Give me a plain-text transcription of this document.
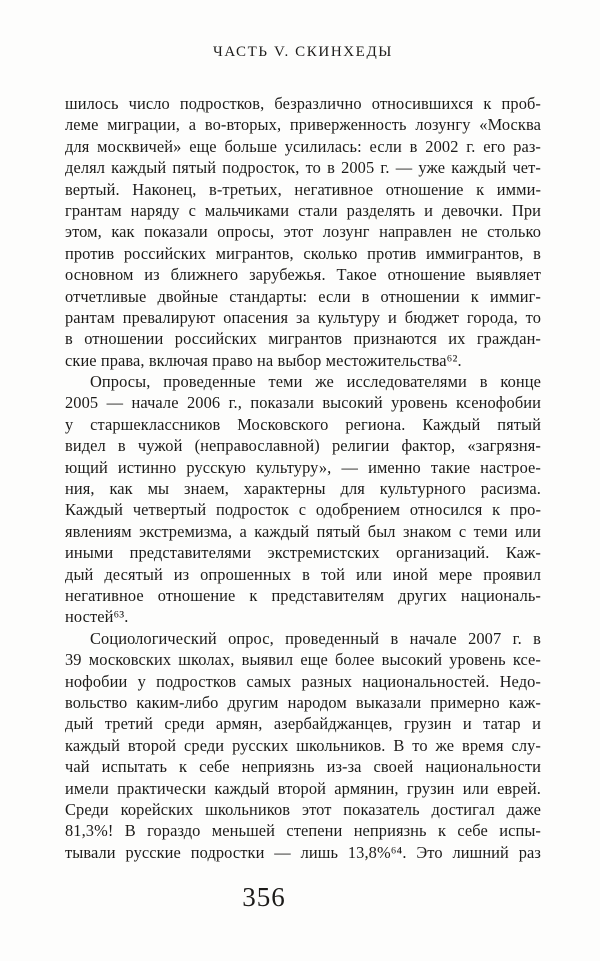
ЧАСТЬ V. СКИНХЕДЫ
шилось число подростков, безразлично относившихся к проб-
леме миграции, а во-вторых, приверженность лозунгу «Москва
для москвичей» еще больше усилилась: если в 2002 г. его раз-
делял каждый пятый подросток, то в 2005 г. — уже каждый чет-
вертый. Наконец, в-третьих, негативное отношение к имми-
грантам наряду с мальчиками стали разделять и девочки. При
этом, как показали опросы, этот лозунг направлен не столько
против российских мигрантов, сколько против иммигрантов, в
основном из ближнего зарубежья. Такое отношение выявляет
отчетливые двойные стандарты: если в отношении к иммиг-
рантам превалируют опасения за культуру и бюджет города, то
в отношении российских мигрантов признаются их граждан-
ские права, включая право на выбор местожительства⁶².
Опросы, проведенные теми же исследователями в конце
2005 — начале 2006 г., показали высокий уровень ксенофобии
у старшеклассников Московского региона. Каждый пятый
видел в чужой (неправославной) религии фактор, «загрязня-
ющий истинно русскую культуру», — именно такие настрое-
ния, как мы знаем, характерны для культурного расизма.
Каждый четвертый подросток с одобрением относился к про-
явлениям экстремизма, а каждый пятый был знаком с теми или
иными представителями экстремистских организаций. Каж-
дый десятый из опрошенных в той или иной мере проявил
негативное отношение к представителям других националь-
ностей⁶³.
Социологический опрос, проведенный в начале 2007 г. в
39 московских школах, выявил еще более высокий уровень ксе-
нофобии у подростков самых разных национальностей. Недо-
вольство каким-либо другим народом выказали примерно каж-
дый третий среди армян, азербайджанцев, грузин и татар и
каждый второй среди русских школьников. В то же время слу-
чай испытать к себе неприязнь из-за своей национальности
имели практически каждый второй армянин, грузин или еврей.
Среди корейских школьников этот показатель достигал даже
81,3%! В гораздо меньшей степени неприязнь к себе испы-
тывали русские подростки — лишь 13,8%⁶⁴. Это лишний раз
356
